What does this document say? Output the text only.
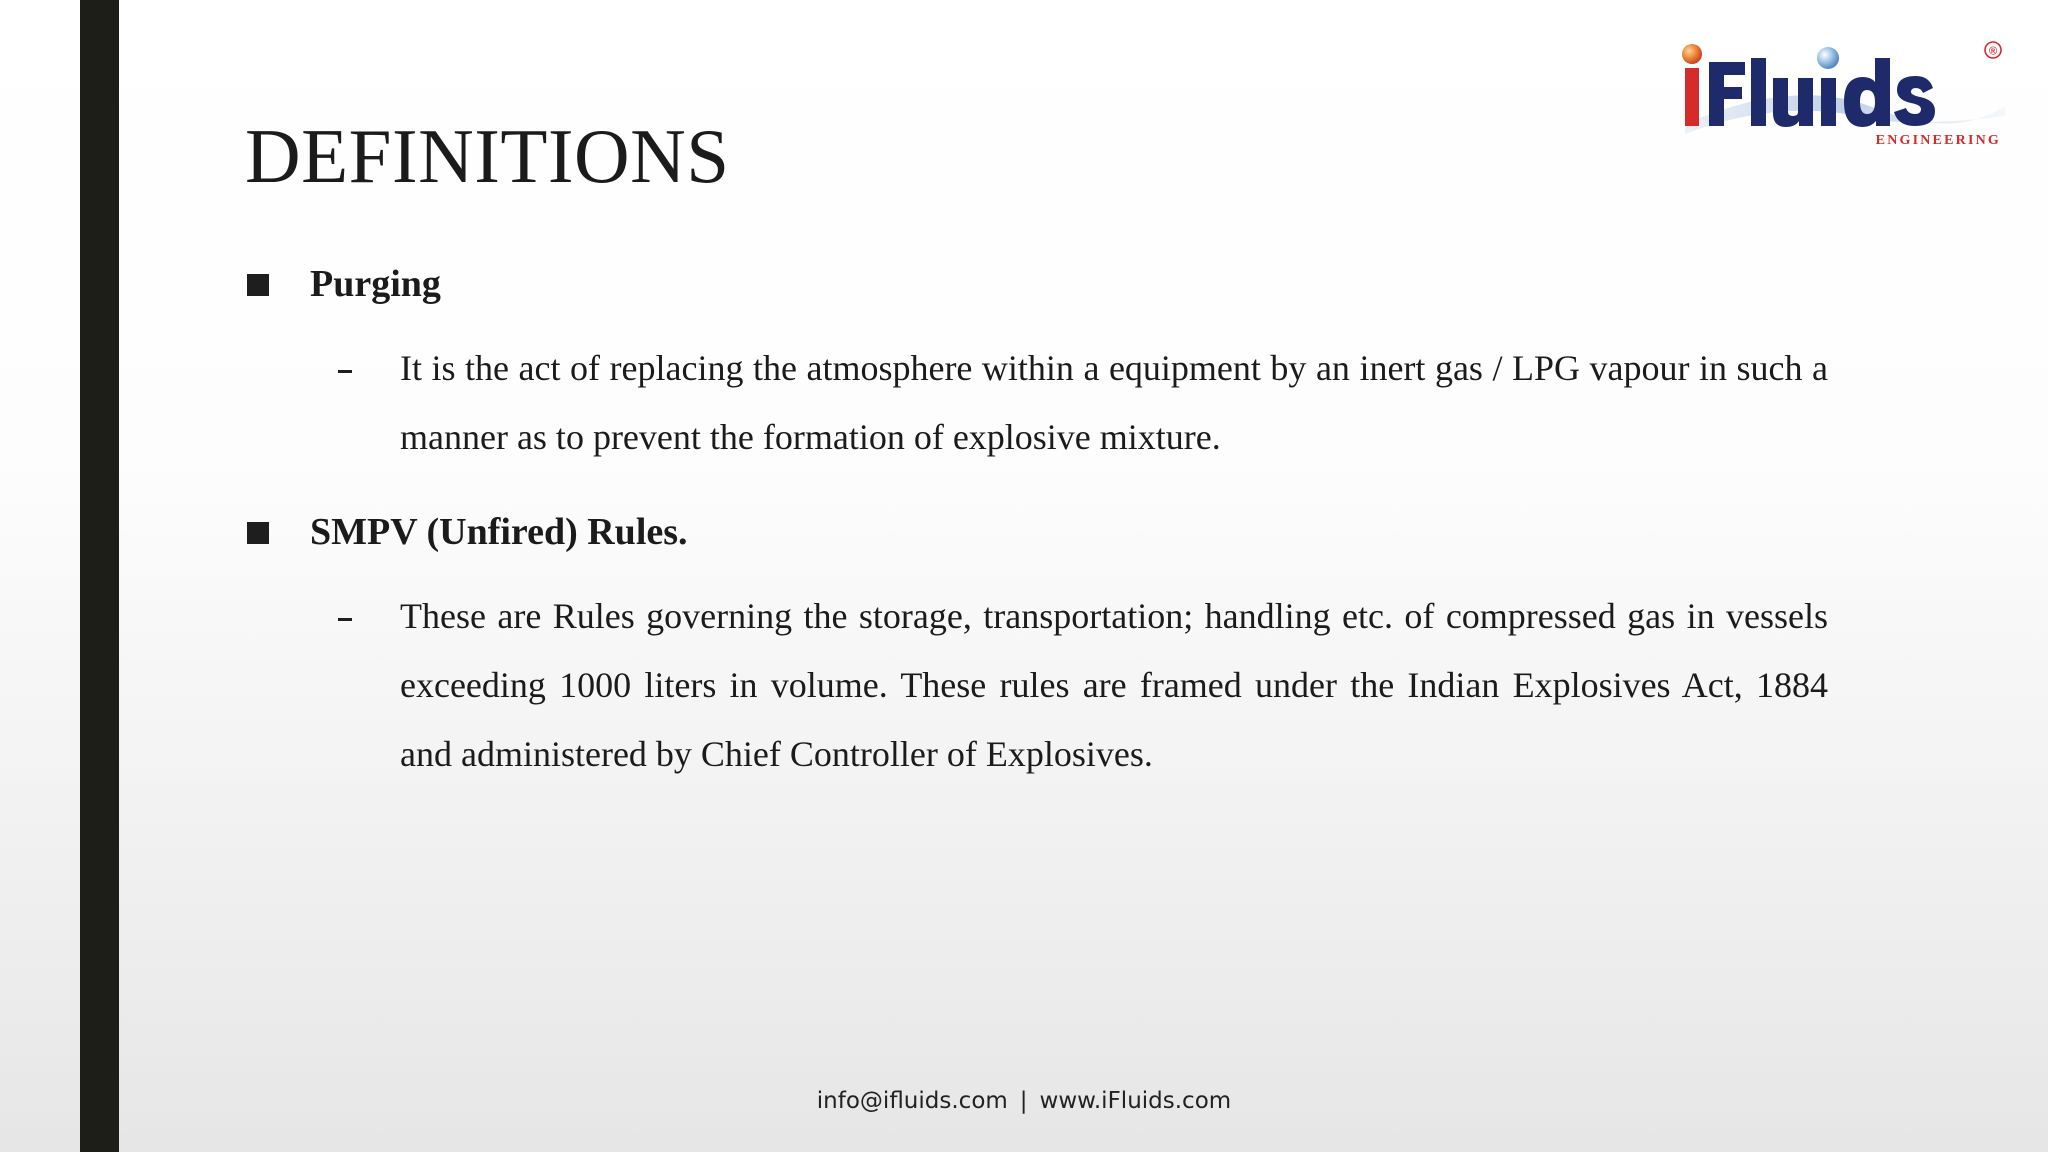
DEFINITIONS
®
ENGINEERING
Purging
It is the act of replacing the atmosphere within a equipment by an inert gas / LPG vapour in such a manner as to prevent the formation of explosive mixture.
SMPV (Unfired) Rules.
These are Rules governing the storage, transportation; handling etc. of compressed gas in vessels exceeding 1000 liters in volume. These rules are framed under the Indian Explosives Act, 1884 and administered by Chief Controller of Explosives.
info@ifluids.com | www.iFluids.com
